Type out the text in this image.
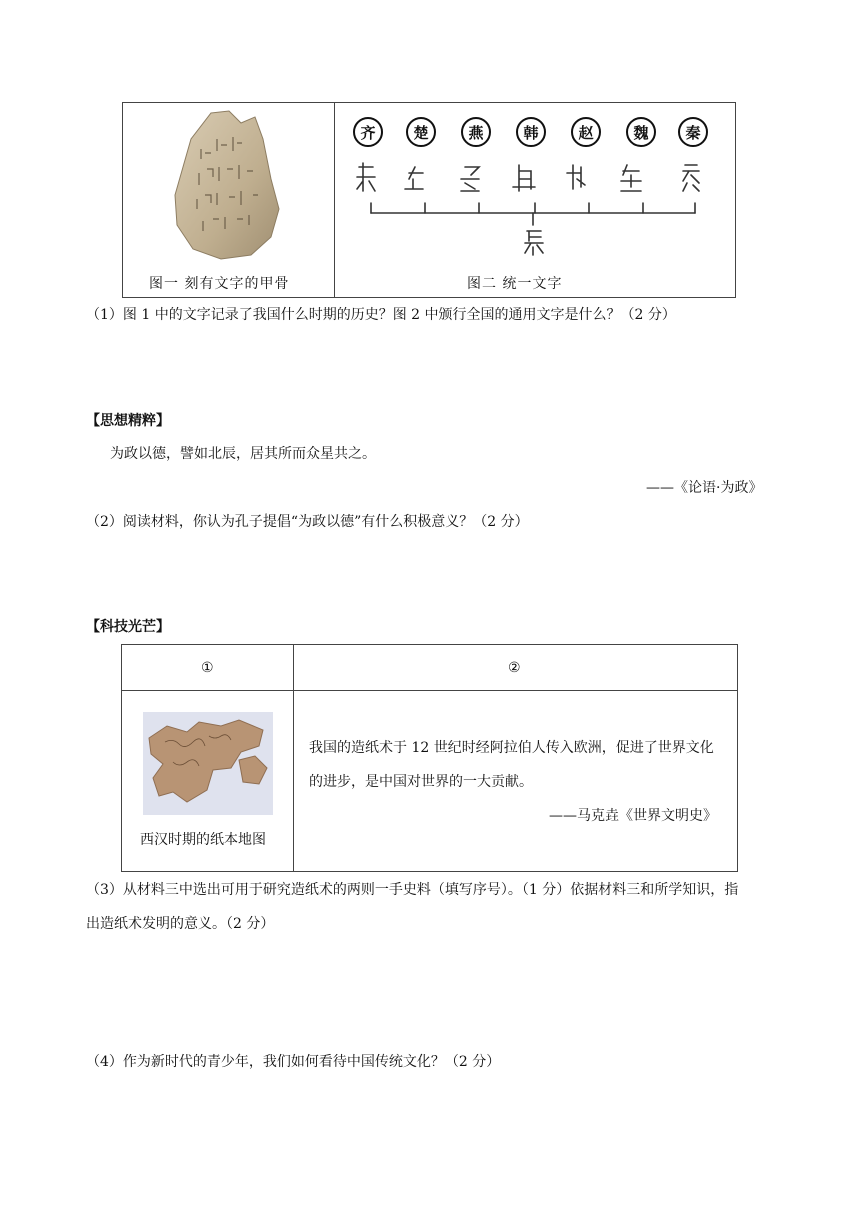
图一 刻有文字的甲骨
齐	楚	燕	韩	赵	魏	秦
图二 统一文字
（1）图 1 中的文字记录了我国什么时期的历史？图 2 中颁行全国的通用文字是什么？（2 分）
【思想精粹】
为政以德，譬如北辰，居其所而众星共之。
——《论语·为政》
（2）阅读材料，你认为孔子提倡“为政以德”有什么积极意义？（2 分）
【科技光芒】
①	②
西汉时期的纸本地图
我国的造纸术于 12 世纪时经阿拉伯人传入欧洲，促进了世界文化
的进步，是中国对世界的一大贡献。
——马克垚《世界文明史》
（3）从材料三中选出可用于研究造纸术的两则一手史料（填写序号）。（1 分）依据材料三和所学知识，指
出造纸术发明的意义。（2 分）
（4）作为新时代的青少年，我们如何看待中国传统文化？（2 分）
